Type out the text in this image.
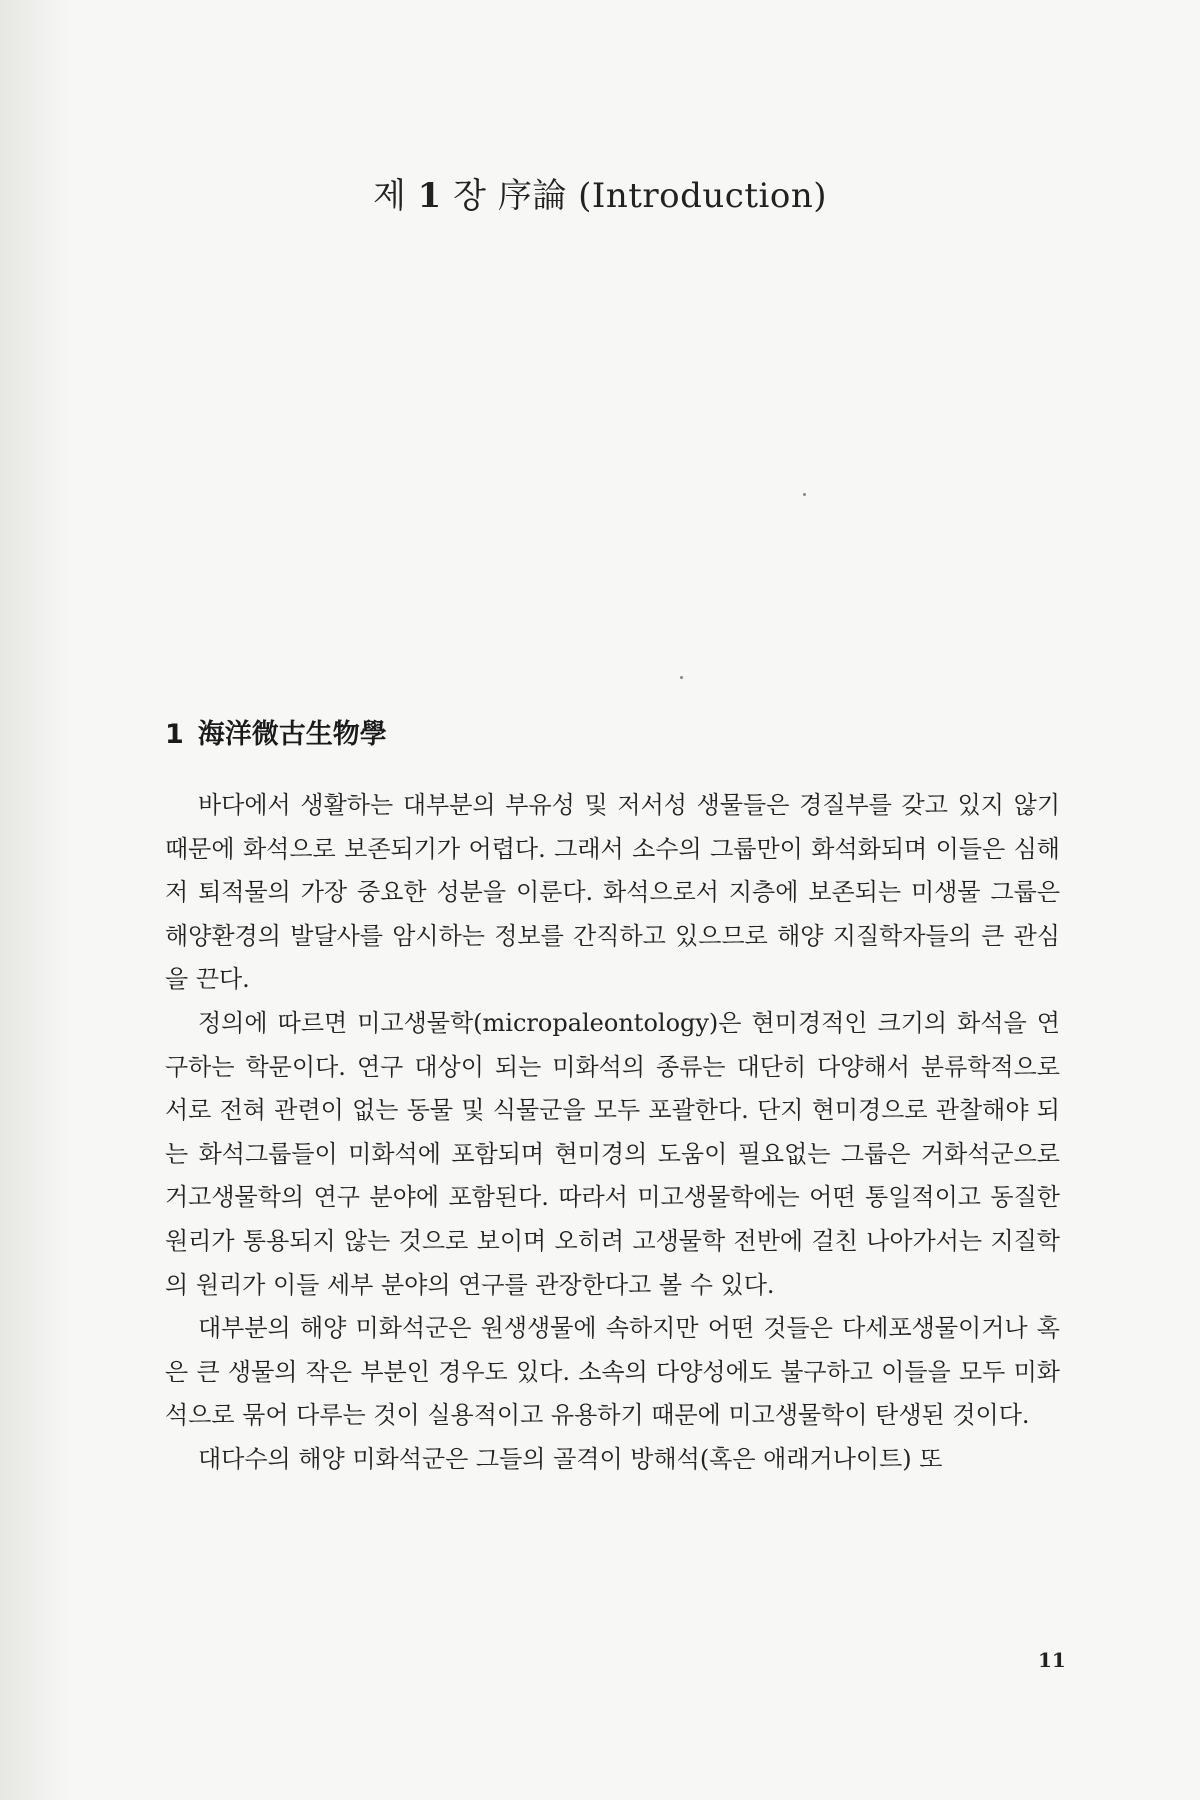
제 1 장 序論 (Introduction)
1 海洋微古生物學

바다에서 생활하는 대부분의 부유성 및 저서성 생물들은 경질부를 갖고 있지 않기 때문에 화석으로 보존되기가 어렵다. 그래서 소수의 그룹만이 화석화되며 이들은 심해저 퇴적물의 가장 중요한 성분을 이룬다. 화석으로서 지층에 보존되는 미생물 그룹은 해양환경의 발달사를 암시하는 정보를 간직하고 있으므로 해양 지질학자들의 큰 관심을 끈다.

정의에 따르면 미고생물학(micropaleontology)은 현미경적인 크기의 화석을 연구하는 학문이다. 연구 대상이 되는 미화석의 종류는 대단히 다양해서 분류학적으로 서로 전혀 관련이 없는 동물 및 식물군을 모두 포괄한다. 단지 현미경으로 관찰해야 되는 화석그룹들이 미화석에 포함되며 현미경의 도움이 필요없는 그룹은 거화석군으로 거고생물학의 연구 분야에 포함된다. 따라서 미고생물학에는 어떤 통일적이고 동질한 원리가 통용되지 않는 것으로 보이며 오히려 고생물학 전반에 걸친 나아가서는 지질학의 원리가 이들 세부 분야의 연구를 관장한다고 볼 수 있다.

대부분의 해양 미화석군은 원생생물에 속하지만 어떤 것들은 다세포생물이거나 혹은 큰 생물의 작은 부분인 경우도 있다. 소속의 다양성에도 불구하고 이들을 모두 미화석으로 묶어 다루는 것이 실용적이고 유용하기 때문에 미고생물학이 탄생된 것이다.

대다수의 해양 미화석군은 그들의 골격이 방해석(혹은 애래거나이트) 또

11
